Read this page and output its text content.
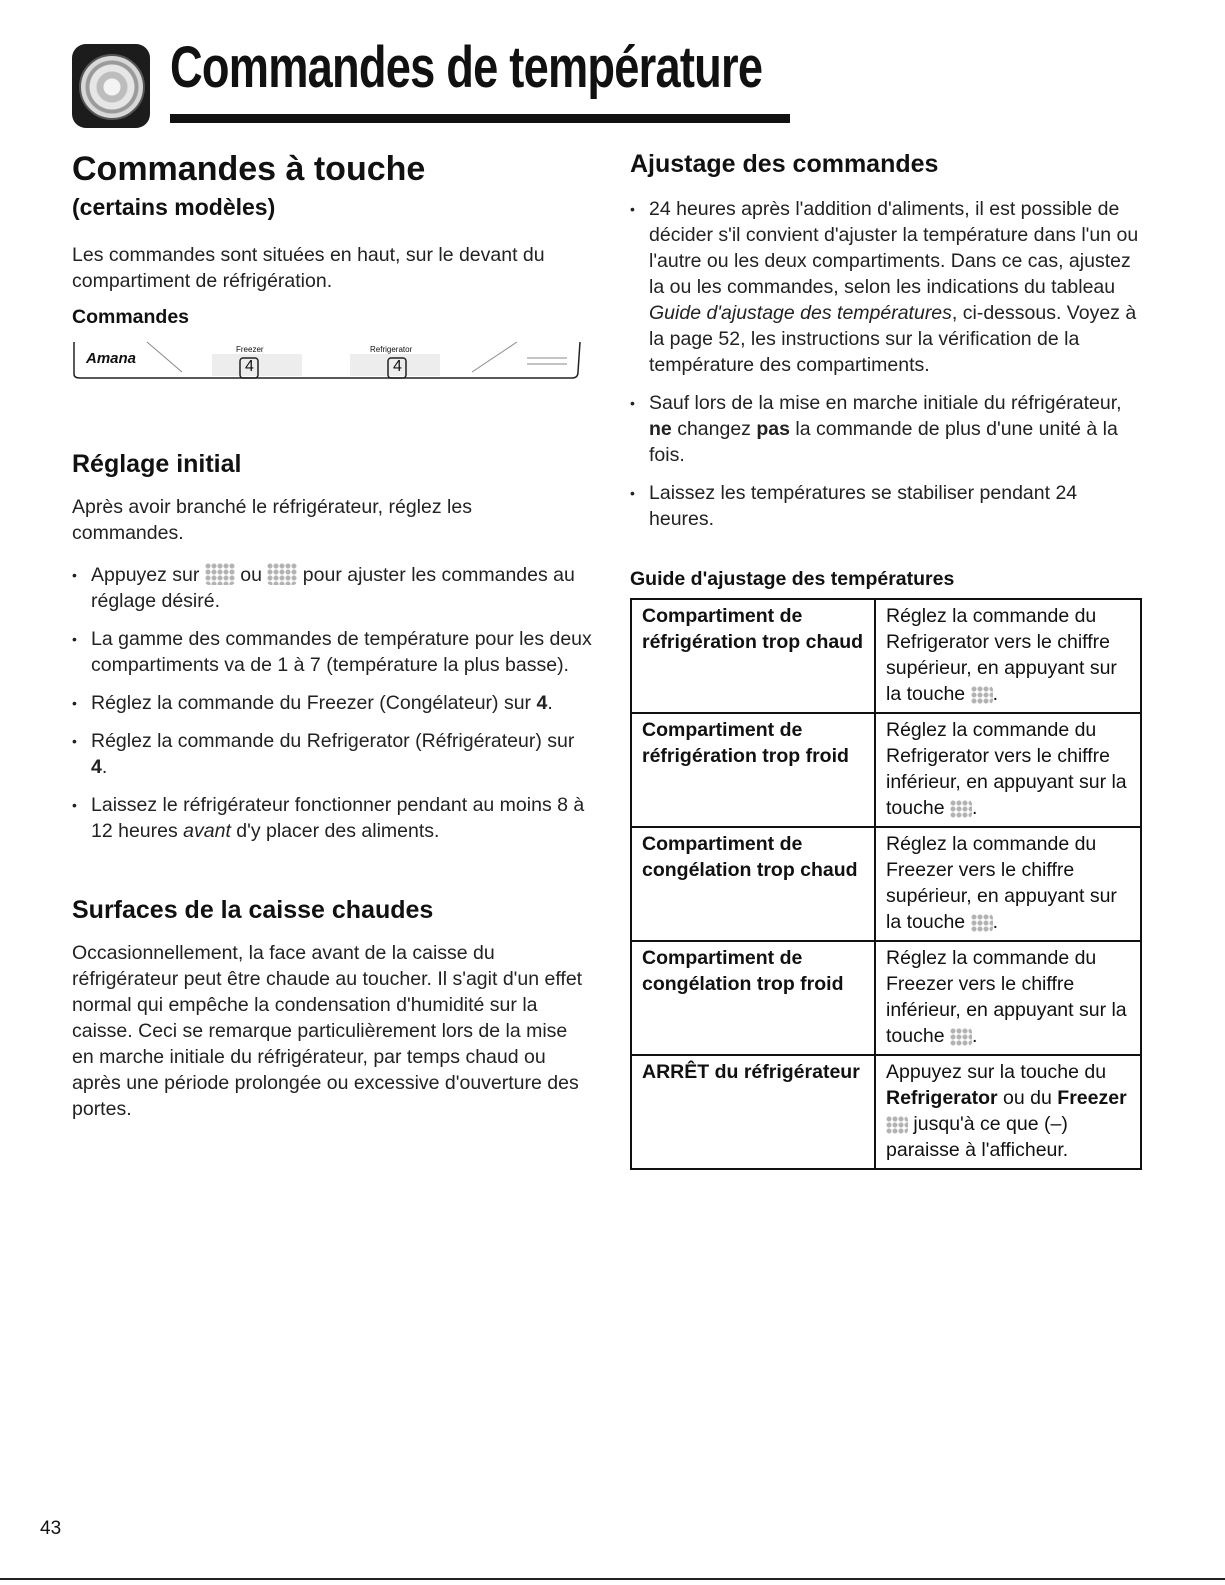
Commandes de température
Commandes à touche
(certains modèles)
Les commandes sont situées en haut, sur le devant du compartiment de réfrigération.
Commandes
Amana
Freezer
4
Refrigerator
4
Réglage initial
Après avoir branché le réfrigérateur, réglez les commandes.
• Appuyez sur ou pour ajuster les commandes au réglage désiré.
• La gamme des commandes de température pour les deux compartiments va de 1 à 7 (température la plus basse).
• Réglez la commande du Freezer (Congélateur) sur 4.
• Réglez la commande du Refrigerator (Réfrigérateur) sur 4.
• Laissez le réfrigérateur fonctionner pendant au moins 8 à 12 heures avant d'y placer des aliments.
Surfaces de la caisse chaudes
Occasionnellement, la face avant de la caisse du réfrigérateur peut être chaude au toucher. Il s'agit d'un effet normal qui empêche la condensation d'humidité sur la caisse. Ceci se remarque particulièrement lors de la mise en marche initiale du réfrigérateur, par temps chaud ou après une période prolongée ou excessive d'ouverture des portes.
Ajustage des commandes
• 24 heures après l'addition d'aliments, il est possible de décider s'il convient d'ajuster la température dans l'un ou l'autre ou les deux compartiments. Dans ce cas, ajustez la ou les commandes, selon les indications du tableau Guide d'ajustage des températures, ci-dessous. Voyez à la page 52, les instructions sur la vérification de la température des compartiments.
• Sauf lors de la mise en marche initiale du réfrigérateur, ne changez pas la commande de plus d'une unité à la fois.
• Laissez les températures se stabiliser pendant 24 heures.
Guide d'ajustage des températures
Compartiment de réfrigération trop chaud	Réglez la commande du Refrigerator vers le chiffre supérieur, en appuyant sur la touche .
Compartiment de réfrigération trop froid	Réglez la commande du Refrigerator vers le chiffre inférieur, en appuyant sur la touche .
Compartiment de congélation trop chaud	Réglez la commande du Freezer vers le chiffre supérieur, en appuyant sur la touche .
Compartiment de congélation trop froid	Réglez la commande du Freezer vers le chiffre inférieur, en appuyant sur la touche .
ARRÊT du réfrigérateur	Appuyez sur la touche du Refrigerator ou du Freezer  jusqu'à ce que (–) paraisse à l'afficheur.
43
